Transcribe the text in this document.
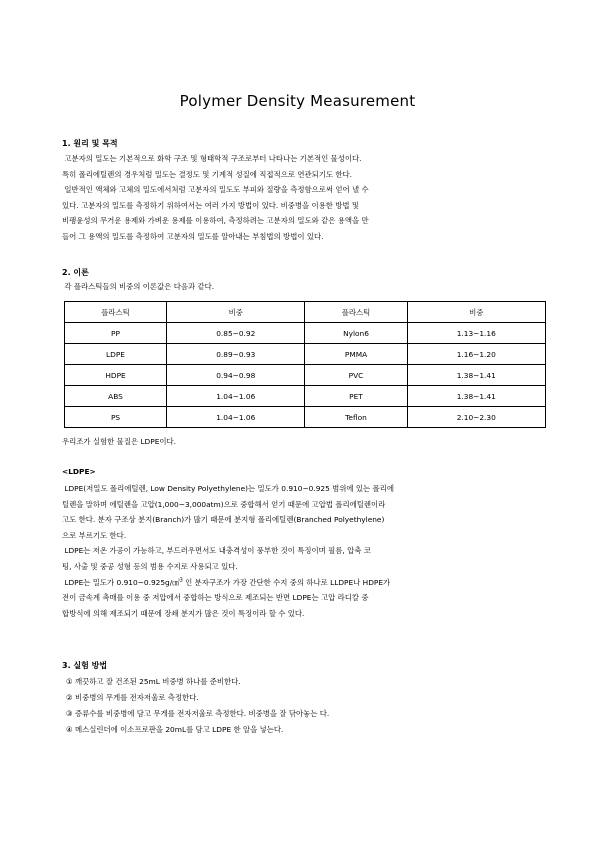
Polymer Density Measurement
1. 원리 및 목적
고분자의 밀도는 기본적으로 화학 구조 및 형태학적 구조로부터 나타나는 기본적인 물성이다.
특히 폴리에틸렌의 경우처럼 밀도는 결정도 및 기계적 성질에 직접적으로 연관되기도 한다.
일반적인 액체와 고체의 밀도에서처럼 고분자의 밀도도 부피와 질량을 측정함으로써 얻어 낼 수
있다. 고분자의 밀도를 측정하기 위하여서는 여러 가지 방법이 있다. 비중병을 이용한 방법 및
비팽윤성의 무거운 용제와 가벼운 용제를 이용하여, 측정하려는 고분자의 밀도와 같은 용액을 만
들어 그 용액의 밀도를 측정하여 고분자의 밀도를 알아내는 부침법의 방법이 있다.
2. 이론
각 플라스틱들의 비중의 이론값은 다음과 같다.
플라스틱	비중	플라스틱	비중
PP	0.85~0.92	Nylon6	1.13~1.16
LDPE	0.89~0.93	PMMA	1.16~1.20
HDPE	0.94~0.98	PVC	1.38~1.41
ABS	1.04~1.06	PET	1.38~1.41
PS	1.04~1.06	Teflon	2.10~2.30
우리조가 실험한 물질은 LDPE이다.
<LDPE>
LDPE(저밀도 폴리에틸렌, Low Density Polyethylene)는 밀도가 0.910~0.925 범위에 있는 폴리에
틸렌을 말하며 에틸렌을 고압(1,000~3,000atm)으로 중합해서 얻기 때문에 고압법 폴리에틸렌이라
고도 한다. 분자 구조상 분지(Branch)가 많기 때문에 분지형 폴리에틸렌(Branched Polyethylene)
으로 부르기도 한다.
LDPE는 저온 가공이 가능하고, 부드러우면서도 내충격성이 풍부한 것이 특징이며 필름, 압축 코
팅, 사출 및 중공 성형 등의 범용 수지로 사용되고 있다.
LDPE는 밀도가 0.910~0.925g/㎤$^3$ 인 분자구조가 가장 간단한 수지 중의 하나로 LLDPE나 HDPE가
전이 금속계 촉매를 이용 중 저압에서 중합하는 방식으로 제조되는 반면 LDPE는 고압 라디칼 중
합방식에 의해 제조되기 때문에 장쇄 분지가 많은 것이 특징이라 할 수 있다.
3. 실험 방법
① 깨끗하고 잘 건조된 25mL 비중병 하나를 준비한다.
② 비중병의 무게를 전자저울로 측정한다.
③ 증류수를 비중병에 담고 무게를 전자저울로 측정한다. 비중병을 잘 닦아놓는 다.
④ 메스실린더에 이소프로판을 20mL를 담고 LDPE 한 알을 넣는다.
